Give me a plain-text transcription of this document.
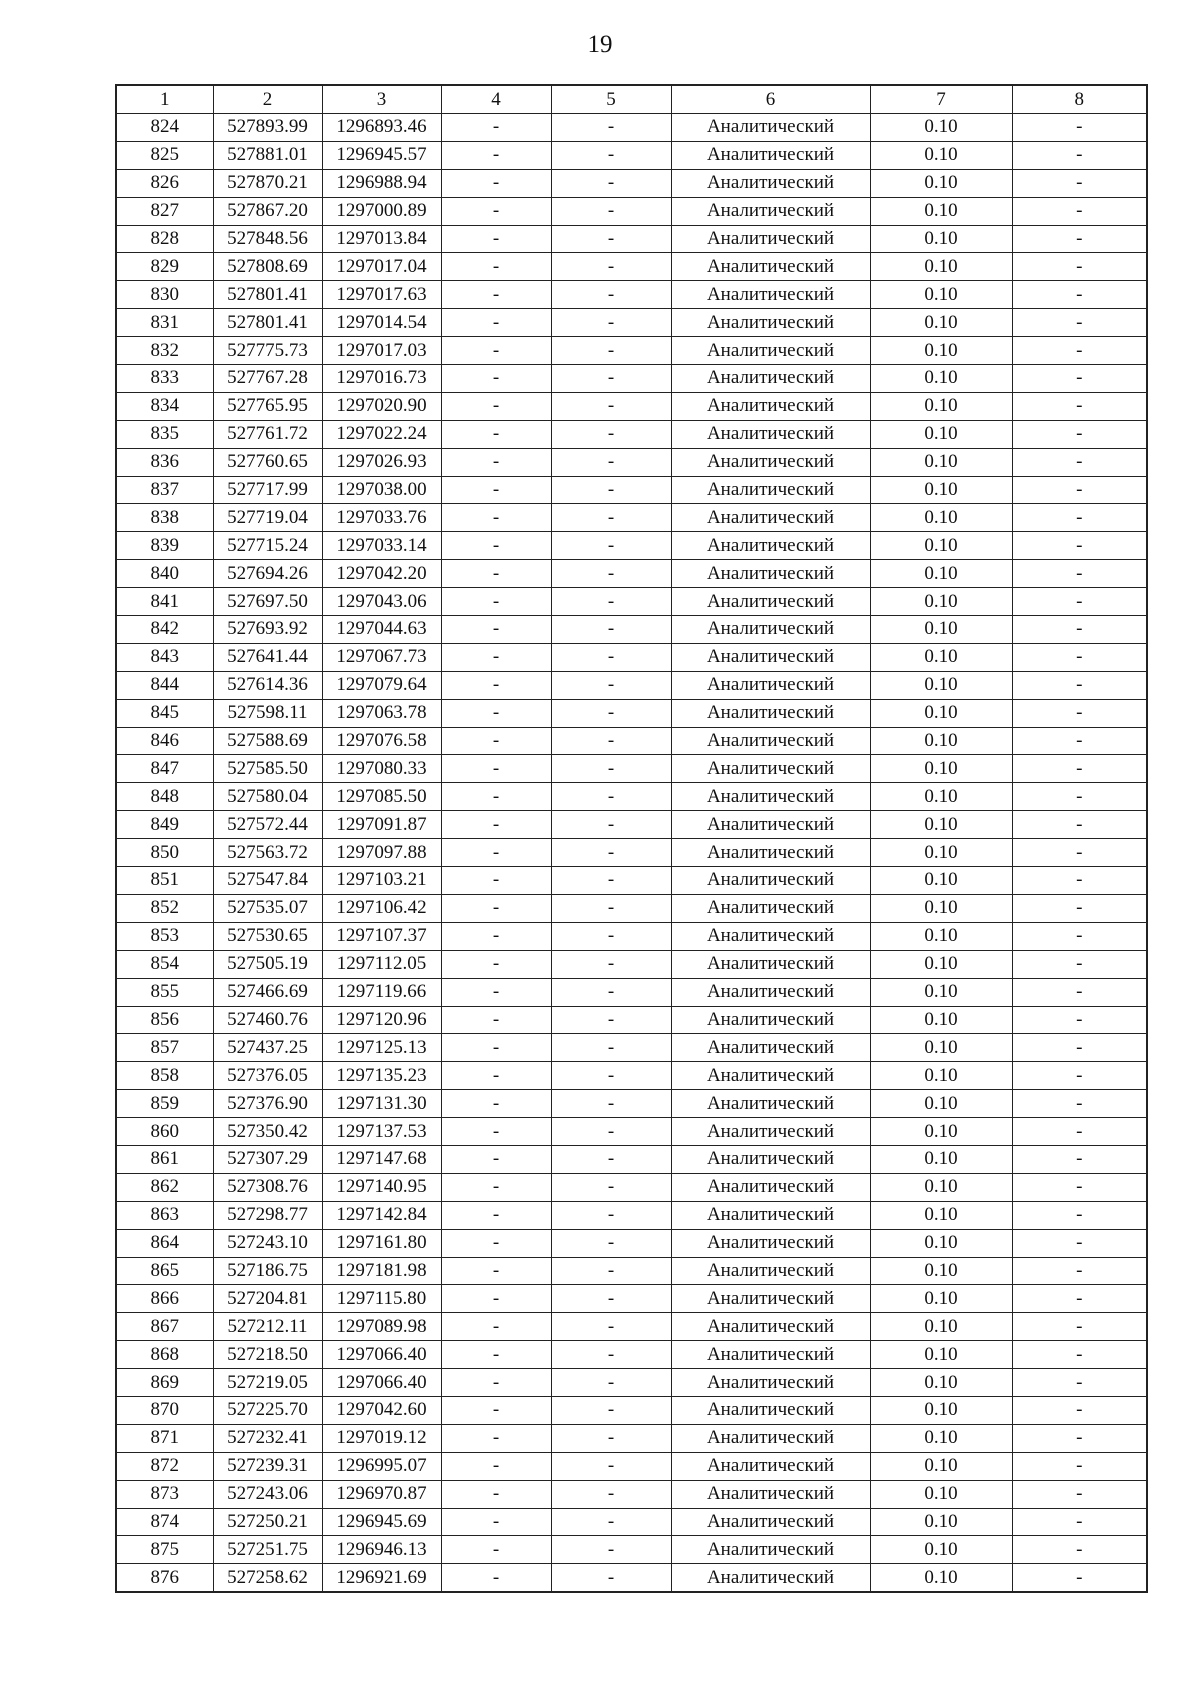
19
1	2	3	4	5	6	7	8
824	527893.99	1296893.46	-	-	Аналитический	0.10	-
825	527881.01	1296945.57	-	-	Аналитический	0.10	-
826	527870.21	1296988.94	-	-	Аналитический	0.10	-
827	527867.20	1297000.89	-	-	Аналитический	0.10	-
828	527848.56	1297013.84	-	-	Аналитический	0.10	-
829	527808.69	1297017.04	-	-	Аналитический	0.10	-
830	527801.41	1297017.63	-	-	Аналитический	0.10	-
831	527801.41	1297014.54	-	-	Аналитический	0.10	-
832	527775.73	1297017.03	-	-	Аналитический	0.10	-
833	527767.28	1297016.73	-	-	Аналитический	0.10	-
834	527765.95	1297020.90	-	-	Аналитический	0.10	-
835	527761.72	1297022.24	-	-	Аналитический	0.10	-
836	527760.65	1297026.93	-	-	Аналитический	0.10	-
837	527717.99	1297038.00	-	-	Аналитический	0.10	-
838	527719.04	1297033.76	-	-	Аналитический	0.10	-
839	527715.24	1297033.14	-	-	Аналитический	0.10	-
840	527694.26	1297042.20	-	-	Аналитический	0.10	-
841	527697.50	1297043.06	-	-	Аналитический	0.10	-
842	527693.92	1297044.63	-	-	Аналитический	0.10	-
843	527641.44	1297067.73	-	-	Аналитический	0.10	-
844	527614.36	1297079.64	-	-	Аналитический	0.10	-
845	527598.11	1297063.78	-	-	Аналитический	0.10	-
846	527588.69	1297076.58	-	-	Аналитический	0.10	-
847	527585.50	1297080.33	-	-	Аналитический	0.10	-
848	527580.04	1297085.50	-	-	Аналитический	0.10	-
849	527572.44	1297091.87	-	-	Аналитический	0.10	-
850	527563.72	1297097.88	-	-	Аналитический	0.10	-
851	527547.84	1297103.21	-	-	Аналитический	0.10	-
852	527535.07	1297106.42	-	-	Аналитический	0.10	-
853	527530.65	1297107.37	-	-	Аналитический	0.10	-
854	527505.19	1297112.05	-	-	Аналитический	0.10	-
855	527466.69	1297119.66	-	-	Аналитический	0.10	-
856	527460.76	1297120.96	-	-	Аналитический	0.10	-
857	527437.25	1297125.13	-	-	Аналитический	0.10	-
858	527376.05	1297135.23	-	-	Аналитический	0.10	-
859	527376.90	1297131.30	-	-	Аналитический	0.10	-
860	527350.42	1297137.53	-	-	Аналитический	0.10	-
861	527307.29	1297147.68	-	-	Аналитический	0.10	-
862	527308.76	1297140.95	-	-	Аналитический	0.10	-
863	527298.77	1297142.84	-	-	Аналитический	0.10	-
864	527243.10	1297161.80	-	-	Аналитический	0.10	-
865	527186.75	1297181.98	-	-	Аналитический	0.10	-
866	527204.81	1297115.80	-	-	Аналитический	0.10	-
867	527212.11	1297089.98	-	-	Аналитический	0.10	-
868	527218.50	1297066.40	-	-	Аналитический	0.10	-
869	527219.05	1297066.40	-	-	Аналитический	0.10	-
870	527225.70	1297042.60	-	-	Аналитический	0.10	-
871	527232.41	1297019.12	-	-	Аналитический	0.10	-
872	527239.31	1296995.07	-	-	Аналитический	0.10	-
873	527243.06	1296970.87	-	-	Аналитический	0.10	-
874	527250.21	1296945.69	-	-	Аналитический	0.10	-
875	527251.75	1296946.13	-	-	Аналитический	0.10	-
876	527258.62	1296921.69	-	-	Аналитический	0.10	-
